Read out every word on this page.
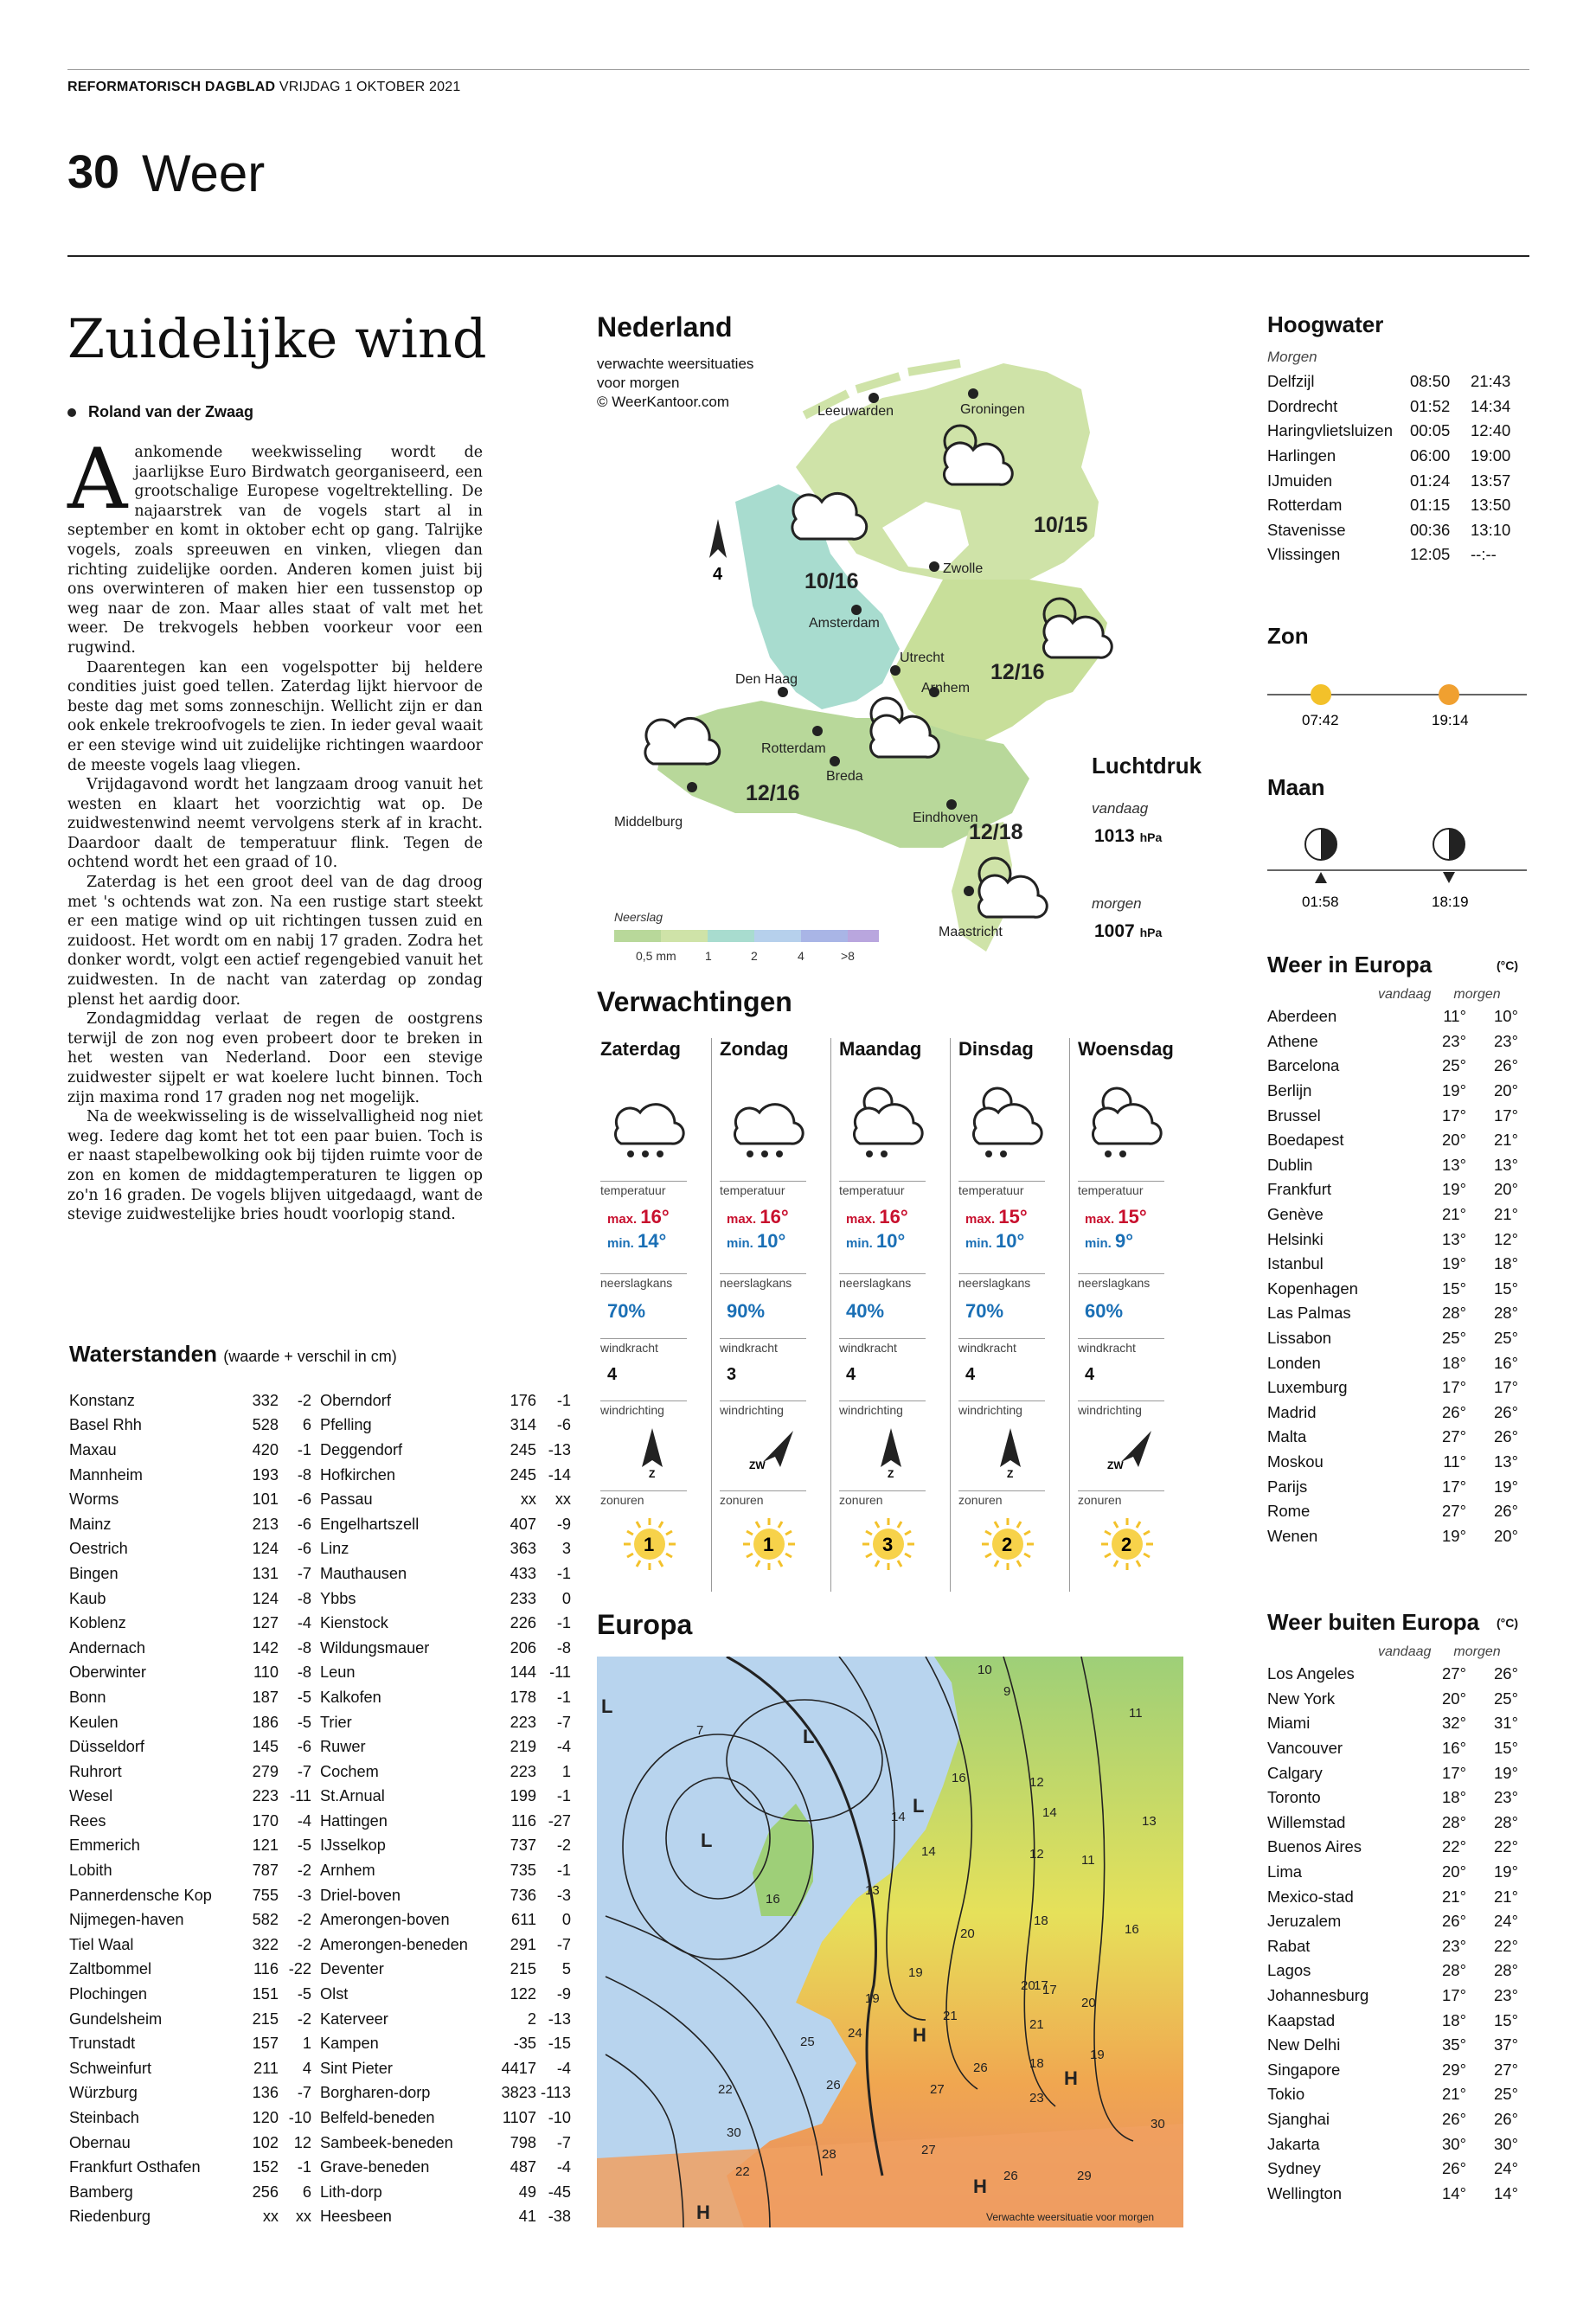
REFORMATORISCH DAGBLAD VRIJDAG 1 OKTOBER 2021
30 Weer
Zuidelijke wind
Roland van der Zwaag

Aankomende weekwisseling wordt de jaarlijkse Euro Birdwatch georganiseerd, een grootschalige Europese vogeltrektelling. De najaarstrek van de vogels start al in september en komt in oktober echt op gang. Talrijke vogels, zoals spreeuwen en vinken, vliegen dan richting zuidelijke oorden. Anderen komen juist bij ons overwinteren of maken hier een tussenstop op weg naar de zon. Maar alles staat of valt met het weer. De trekvogels hebben voorkeur voor een rugwind.

Daarentegen kan een vogelspotter bij heldere condities juist goed tellen. Zaterdag lijkt hiervoor de beste dag met soms zonneschijn. Wellicht zijn er dan ook enkele trekroofvogels te zien. In ieder geval waait er een stevige wind uit zuidelijke richtingen waardoor de meeste vogels laag vliegen.

Vrijdagavond wordt het langzaam droog vanuit het westen en klaart het voorzichtig wat op. De zuidwestenwind neemt vervolgens sterk af in kracht. Daardoor daalt de temperatuur flink. Tegen de ochtend wordt het een graad of 10.

Zaterdag is het een groot deel van de dag droog met 's ochtends wat zon. Na een rustige start steekt er een matige wind op uit richtingen tussen zuid en zuidoost. Het wordt om en nabij 17 graden. Zodra het donker wordt, volgt een actief regengebied vanuit het zuidwesten. In de nacht van zaterdag op zondag plenst het aardig door.

Zondagmiddag verlaat de regen de oostgrens terwijl de zon nog even probeert door te breken in het westen van Nederland. Door een stevige zuidwester sijpelt er wat koelere lucht binnen. Toch zijn maxima rond 17 graden nog net mogelijk.

Na de weekwisseling is de wisselvalligheid nog niet weg. Iedere dag komt het tot een paar buien. Toch is er naast stapelbewolking ook bij tijden ruimte voor de zon en komen de middagtemperaturen te liggen op zo'n 16 graden. De vogels blijven uitgedaagd, want de stevige zuidwestelijke bries houdt voorlopig stand.

Waterstanden (waarde + verschil in cm)
Konstanz	332	-2
Basel Rhh	528	6
Maxau	420	-1
Mannheim	193	-8
Worms	101	-6
Mainz	213	-6
Oestrich	124	-6
Bingen	131	-7
Kaub	124	-8
Koblenz	127	-4
Andernach	142	-8
Oberwinter	110	-8
Bonn	187	-5
Keulen	186	-5
Düsseldorf	145	-6
Ruhrort	279	-7
Wesel	223	-11
Rees	170	-4
Emmerich	121	-5
Lobith	787	-2
Pannerdensche Kop	755	-3
Nijmegen-haven	582	-2
Tiel Waal	322	-2
Zaltbommel	116	-22
Plochingen	151	-5
Gundelsheim	215	-2
Trunstadt	157	1
Schweinfurt	211	4
Würzburg	136	-7
Steinbach	120	-10
Obernau	102	12
Frankfurt Osthafen	152	-1
Bamberg	256	6
Riedenburg	xx	xx
Oberndorf	176	-1
Pfelling	314	-6
Deggendorf	245	-13
Hofkirchen	245	-14
Passau	xx	xx
Engelhartszell	407	-9
Linz	363	3
Mauthausen	433	-1
Ybbs	233	0
Kienstock	226	-1
Wildungsmauer	206	-8
Leun	144	-11
Kalkofen	178	-1
Trier	223	-7
Ruwer	219	-4
Cochem	223	1
St.Arnual	199	-1
Hattingen	116	-27
IJsselkop	737	-2
Arnhem	735	-1
Driel-boven	736	-3
Amerongen-boven	611	0
Amerongen-beneden	291	-7
Deventer	215	5
Olst	122	-9
Katerveer	2	-13
Kampen	-35	-15
Sint Pieter	4417	-4
Borgharen-dorp	3823	-113
Belfeld-beneden	1107	-10
Sambeek-beneden	798	-7
Grave-beneden	487	-4
Lith-dorp	49	-45
Heesbeen	41	-38
Nederland
verwachte weersituaties
voor morgen
© WeerKantoor.com
Leeuwarden	Groningen
Zwolle
Amsterdam
Utrecht
Den Haag
Arnhem
Rotterdam
Breda
Middelburg	Eindhoven
Maastricht
10/15
10/16
12/16
12/16
12/18
4
Neerslag
0,5 mm 1	2	4	>8
Luchtdruk
vandaag
1013 hPa
morgen
1007 hPa
Verwachtingen
Zaterdag
temperatuur
max. 16°
min. 14°
neerslagkans
70%
windkracht
4
windrichting
Z
zonuren
1
Zondag
temperatuur
max. 16°
min. 10°
neerslagkans
90%
windkracht
3
windrichting
ZW
zonuren
1
Maandag
temperatuur
max. 16°
min. 10°
neerslagkans
40%
windkracht
4
windrichting
Z
zonuren
3
Dinsdag
temperatuur
max. 15°
min. 10°
neerslagkans
70%
windkracht
4
windrichting
Z
zonuren
2
Woensdag
temperatuur
max. 15°
min. 9°
neerslagkans
60%
windkracht
4
windrichting
ZW
zonuren
2
Europa
L
L
L
L
H
H
H
H
10
9
11
7
16	12
14
13
14
13
16
12	11
14
20
18
16
17
19
19
20
17
21
21
20
19
18
25
24
26
26	27
23
22
30
30
28	27
29
22	26
Verwachte weersituatie voor morgen
Hoogwater
Morgen
Delfzijl	08:50	21:43
Dordrecht	01:52	14:34
Haringvlietsluizen	00:05	12:40
Harlingen	06:00	19:00
IJmuiden	01:24	13:57
Rotterdam	01:15	13:50
Stavenisse	00:36	13:10
Vlissingen	12:05	--:--
Zon
07:42	19:14
Maan
01:58	18:19
Weer in Europa	(°C)
vandaag morgen
Aberdeen	11°	10°
Athene	23°	23°
Barcelona	25°	26°
Berlijn	19°	20°
Brussel	17°	17°
Boedapest	20°	21°
Dublin	13°	13°
Frankfurt	19°	20°
Genève	21°	21°
Helsinki	13°	12°
Istanbul	19°	18°
Kopenhagen	15°	15°
Las Palmas	28°	28°
Lissabon	25°	25°
Londen	18°	16°
Luxemburg	17°	17°
Madrid	26°	26°
Malta	27°	26°
Moskou	11°	13°
Parijs	17°	19°
Rome	27°	26°
Wenen	19°	20°
Weer buiten Europa (°C)
vandaag morgen
Los Angeles	27°	26°
New York	20°	25°
Miami	32°	31°
Vancouver	16°	15°
Calgary	17°	19°
Toronto	18°	23°
Willemstad	28°	28°
Buenos Aires	22°	22°
Lima	20°	19°
Mexico-stad	21°	21°
Jeruzalem	26°	24°
Rabat	23°	22°
Lagos	28°	28°
Johannesburg	17°	23°
Kaapstad	18°	15°
New Delhi	35°	37°
Singapore	29°	27°
Tokio	21°	25°
Sjanghai	26°	26°
Jakarta	30°	30°
Sydney	26°	24°
Wellington	14°	14°
